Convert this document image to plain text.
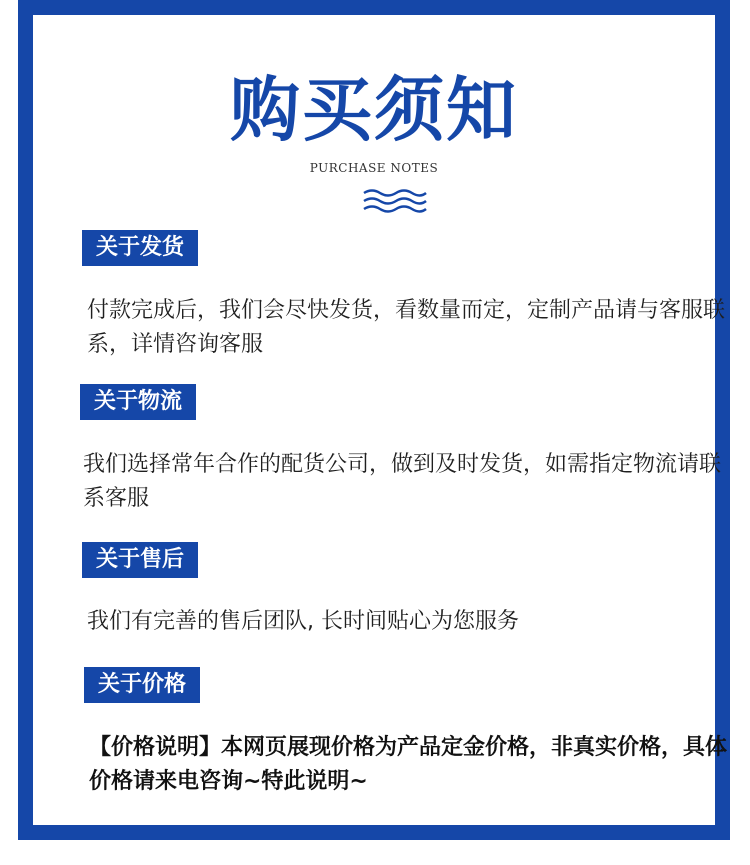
购买须知
PURCHASE NOTES
关于发货
付款完成后，我们会尽快发货，看数量而定，定制产品请与客服联系，详情咨询客服
关于物流
我们选择常年合作的配货公司，做到及时发货，如需指定物流请联系客服
关于售后
我们有完善的售后团队, 长时间贴心为您服务
关于价格
【价格说明】本网页展现价格为产品定金价格，非真实价格，具体价格请来电咨询~特此说明~
